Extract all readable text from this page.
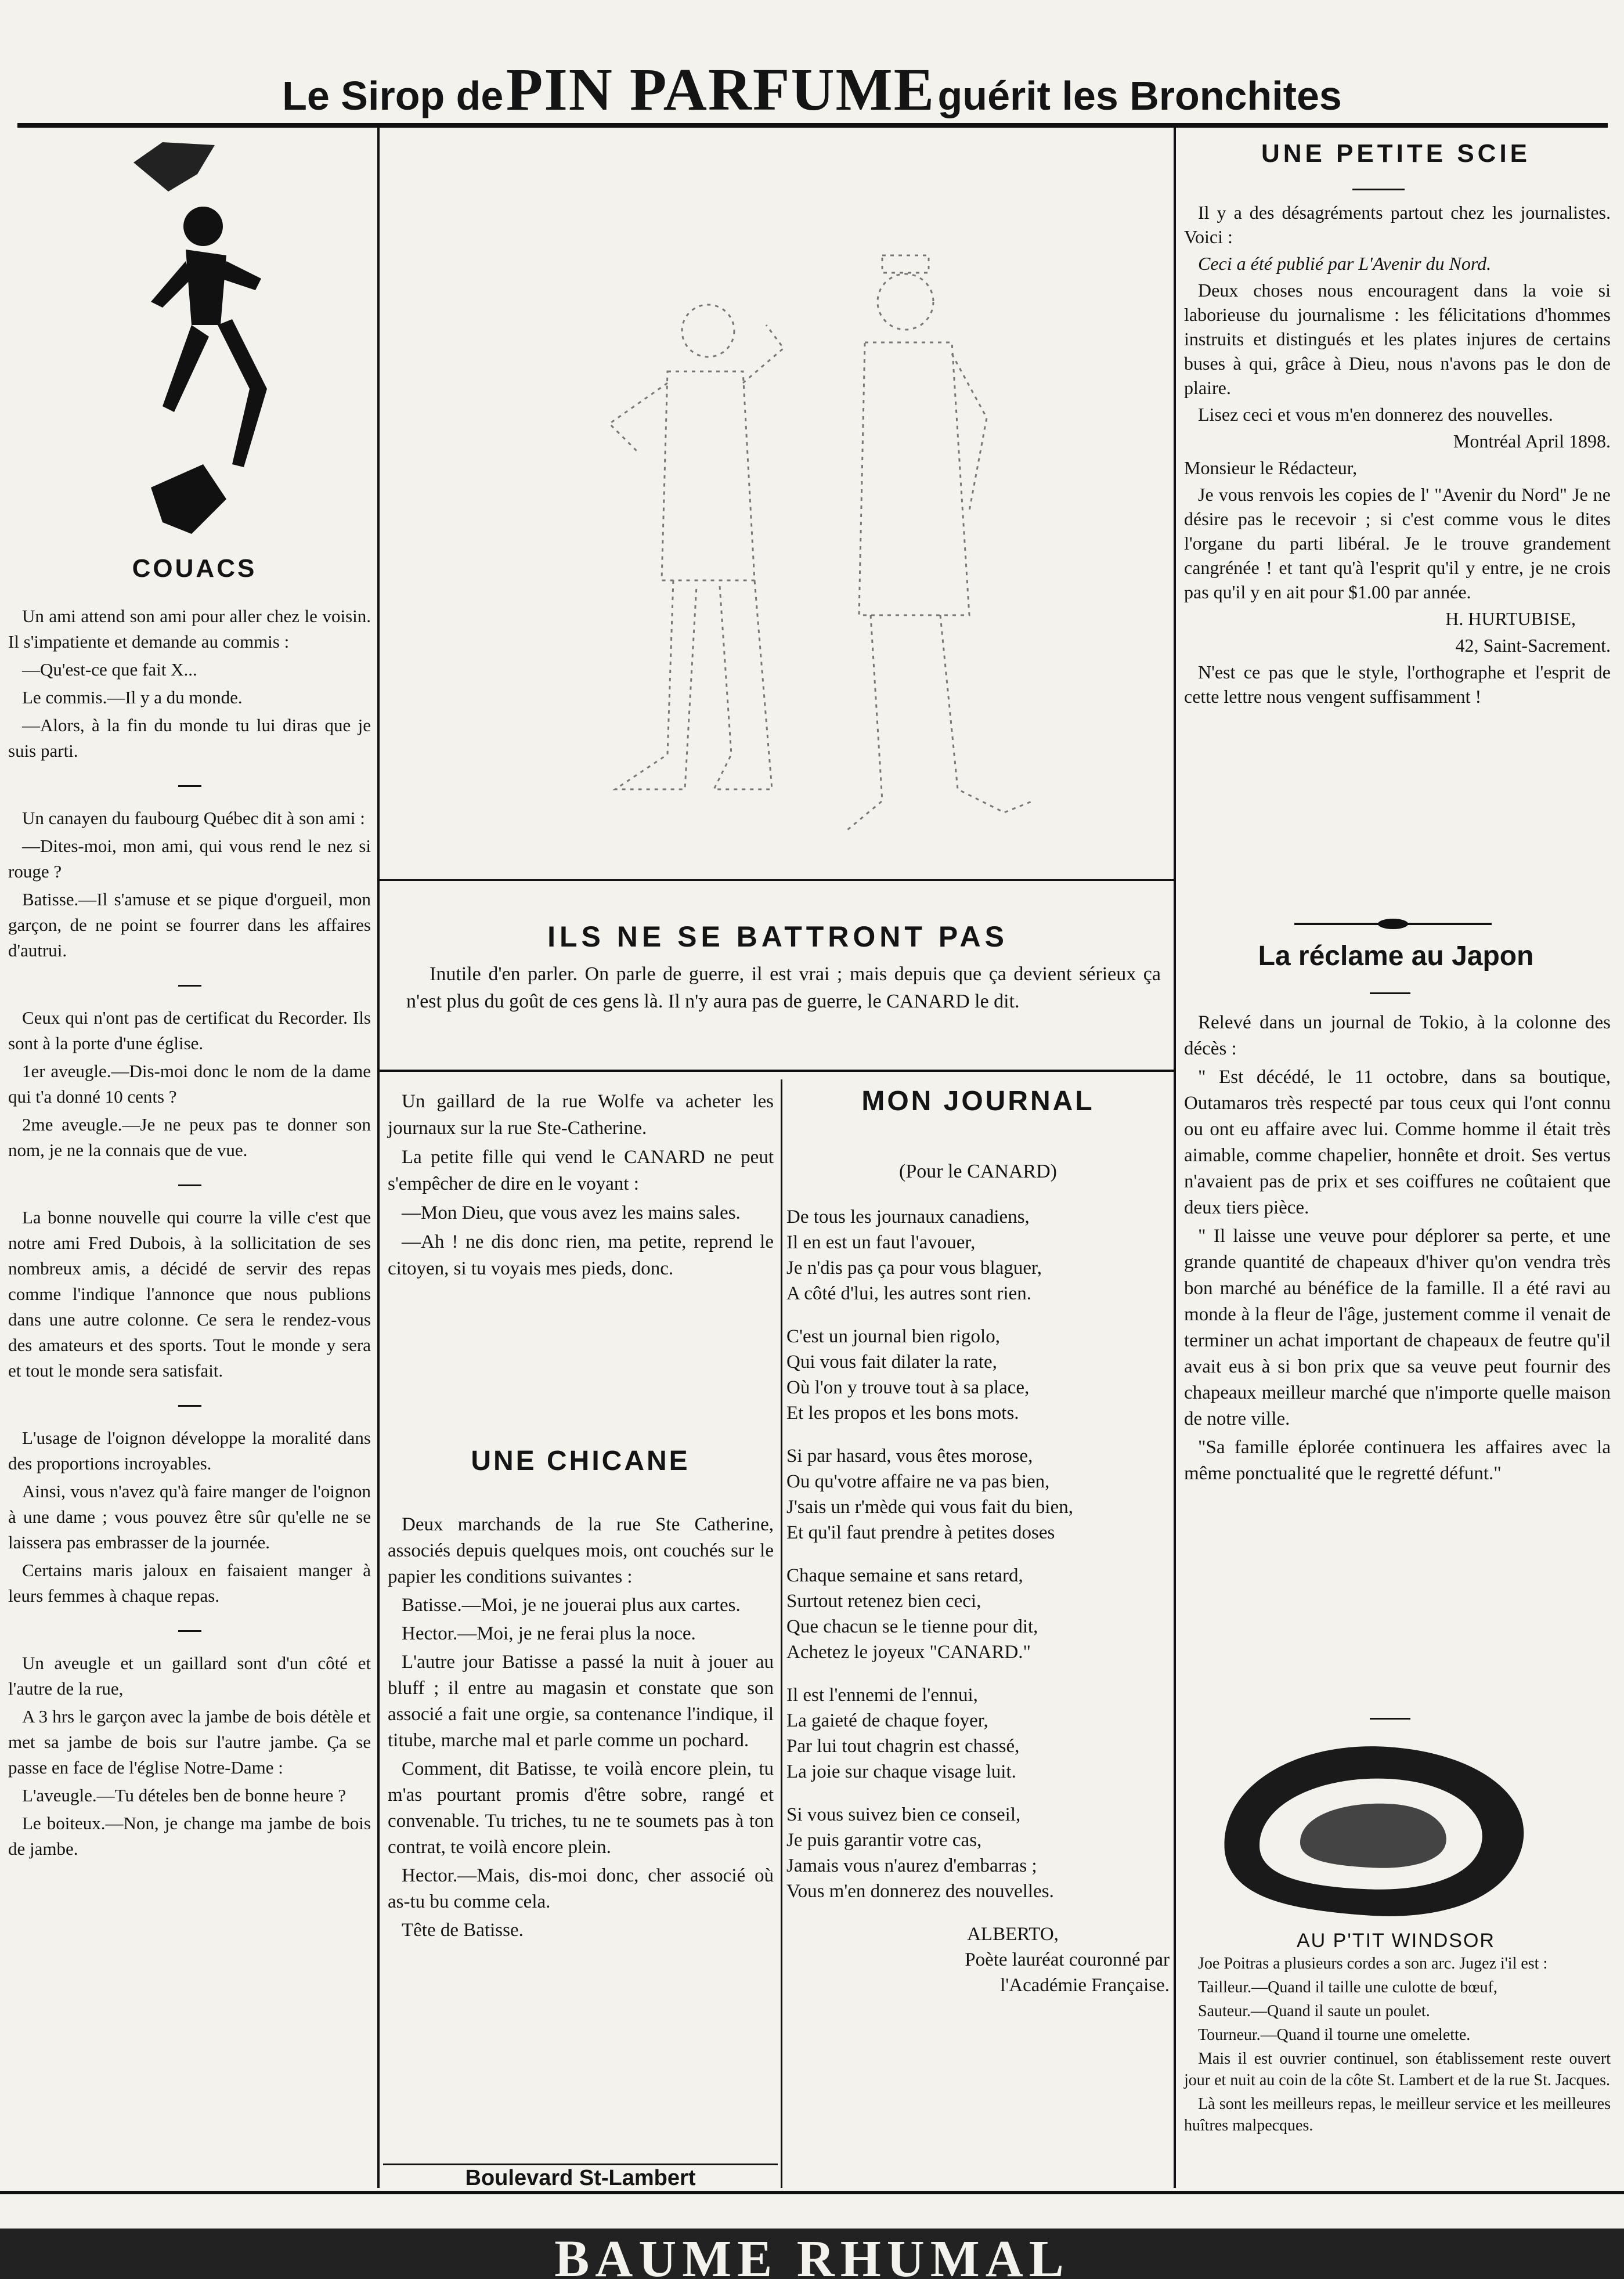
Le Sirop de PIN PARFUME guérit les Bronchites
COUACS

Un ami attend son ami pour aller chez le voisin. Il s'impatiente et demande au commis :

—Qu'est-ce que fait X...

Le commis.—Il y a du monde.

—Alors, à la fin du monde tu lui diras que je suis parti.

Un canayen du faubourg Québec dit à son ami :

—Dites-moi, mon ami, qui vous rend le nez si rouge ?

Batisse.—Il s'amuse et se pique d'orgueil, mon garçon, de ne point se fourrer dans les affaires d'autrui.

Ceux qui n'ont pas de certificat du Recorder. Ils sont à la porte d'une église.

1er aveugle.—Dis-moi donc le nom de la dame qui t'a donné 10 cents ?

2me aveugle.—Je ne peux pas te donner son nom, je ne la connais que de vue.

La bonne nouvelle qui courre la ville c'est que notre ami Fred Dubois, à la sollicitation de ses nombreux amis, a décidé de servir des repas comme l'indique l'annonce que nous publions dans une autre colonne. Ce sera le rendez-vous des amateurs et des sports. Tout le monde y sera et tout le monde sera satisfait.

L'usage de l'oignon développe la moralité dans des proportions incroyables.

Ainsi, vous n'avez qu'à faire manger de l'oignon à une dame ; vous pouvez être sûr qu'elle ne se laissera pas embrasser de la journée.

Certains maris jaloux en faisaient manger à leurs femmes à chaque repas.

Un aveugle et un gaillard sont d'un côté et l'autre de la rue,

A 3 hrs le garçon avec la jambe de bois détèle et met sa jambe de bois sur l'autre jambe. Ça se passe en face de l'église Notre-Dame :

L'aveugle.—Tu dételes ben de bonne heure ?

Le boiteux.—Non, je change ma jambe de bois de jambe.

ILS NE SE BATTRONT PAS
Inutile d'en parler. On parle de guerre, il est vrai ; mais depuis que ça devient sérieux ça n'est plus du goût de ces gens là. Il n'y aura pas de guerre, le CANARD le dit.

Un gaillard de la rue Wolfe va acheter les journaux sur la rue Ste-Catherine.

La petite fille qui vend le CANARD ne peut s'empêcher de dire en le voyant :

—Mon Dieu, que vous avez les mains sales.

—Ah ! ne dis donc rien, ma petite, reprend le citoyen, si tu voyais mes pieds, donc.

UNE CHICANE

Deux marchands de la rue Ste Catherine, associés depuis quelques mois, ont couchés sur le papier les conditions suivantes :

Batisse.—Moi, je ne jouerai plus aux cartes.

Hector.—Moi, je ne ferai plus la noce.

L'autre jour Batisse a passé la nuit à jouer au bluff ; il entre au magasin et constate que son associé a fait une orgie, sa contenance l'indique, il titube, marche mal et parle comme un pochard.

Comment, dit Batisse, te voilà encore plein, tu m'as pourtant promis d'être sobre, rangé et convenable. Tu triches, tu ne te soumets pas à ton contrat, te voilà encore plein.

Hector.—Mais, dis-moi donc, cher associé où as-tu bu comme cela.

Tête de Batisse.

Boulevard St-Lambert
MON JOURNAL
(Pour le CANARD)

De tous les journaux canadiens,

Il en est un faut l'avouer,

Je n'dis pas ça pour vous blaguer,

A côté d'lui, les autres sont rien.

C'est un journal bien rigolo,

Qui vous fait dilater la rate,

Où l'on y trouve tout à sa place,

Et les propos et les bons mots.

Si par hasard, vous êtes morose,

Ou qu'votre affaire ne va pas bien,

J'sais un r'mède qui vous fait du bien,

Et qu'il faut prendre à petites doses

Chaque semaine et sans retard,

Surtout retenez bien ceci,

Que chacun se le tienne pour dit,

Achetez le joyeux "CANARD."

Il est l'ennemi de l'ennui,

La gaieté de chaque foyer,

Par lui tout chagrin est chassé,

La joie sur chaque visage luit.

Si vous suivez bien ce conseil,

Je puis garantir votre cas,

Jamais vous n'aurez d'embarras ;

Vous m'en donnerez des nouvelles.

ALBERTO,

Poète lauréat couronné par

l'Académie Française.

UNE PETITE SCIE

Il y a des désagréments partout chez les journalistes. Voici :

Ceci a été publié par L'Avenir du Nord.

Deux choses nous encouragent dans la voie si laborieuse du journalisme : les félicitations d'hommes instruits et distingués et les plates injures de certains buses à qui, grâce à Dieu, nous n'avons pas le don de plaire.

Lisez ceci et vous m'en donnerez des nouvelles.

Montréal April 1898.

Monsieur le Rédacteur,

Je vous renvois les copies de l' "Avenir du Nord" Je ne désire pas le recevoir ; si c'est comme vous le dites l'organe du parti libéral. Je le trouve grandement cangrénée ! et tant qu'à l'esprit qu'il y entre, je ne crois pas qu'il y en ait pour $1.00 par année.

H. HURTUBISE,

42, Saint-Sacrement.

N'est ce pas que le style, l'orthographe et l'esprit de cette lettre nous vengent suffisamment !

La réclame au Japon

Relevé dans un journal de Tokio, à la colonne des décès :

" Est décédé, le 11 octobre, dans sa boutique, Outamaros très respecté par tous ceux qui l'ont connu ou ont eu affaire avec lui. Comme homme il était très aimable, comme chapelier, honnête et droit. Ses vertus n'avaient pas de prix et ses coiffures ne coûtaient que deux tiers pièce.

" Il laisse une veuve pour déplorer sa perte, et une grande quantité de chapeaux d'hiver qu'on vendra très bon marché au bénéfice de la famille. Il a été ravi au monde à la fleur de l'âge, justement comme il venait de terminer un achat important de chapeaux de feutre qu'il avait eus à si bon prix que sa veuve peut fournir des chapeaux meilleur marché que n'importe quelle maison de notre ville.

"Sa famille éplorée continuera les affaires avec la même ponctualité que le regretté défunt."

AU P'TIT WINDSOR

Joe Poitras a plusieurs cordes a son arc. Jugez i'il est :

Tailleur.—Quand il taille une culotte de bœuf,

Sauteur.—Quand il saute un poulet.

Tourneur.—Quand il tourne une omelette.

Mais il est ouvrier continuel, son établissement reste ouvert jour et nuit au coin de la côte St. Lambert et de la rue St. Jacques.

Là sont les meilleurs repas, le meilleur service et les meilleures huîtres malpecques.

BAUME RHUMAL
